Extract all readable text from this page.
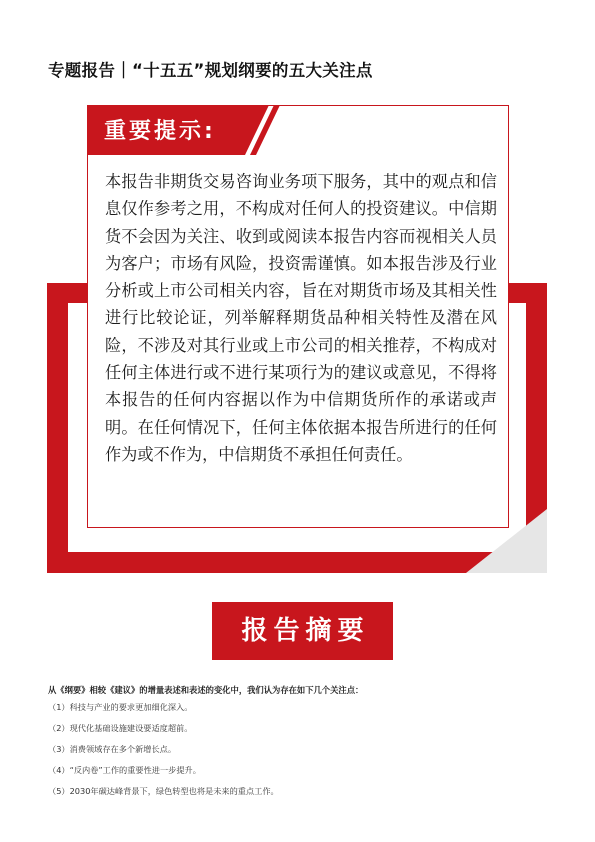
专题报告｜“十五五”规划纲要的五大关注点
重要提示:

本报告非期货交易咨询业务项下服务，其中的观点和信息仅作参考之用，不构成对任何人的投资建议。中信期货不会因为关注、收到或阅读本报告内容而视相关人员为客户；市场有风险，投资需谨慎。如本报告涉及行业分析或上市公司相关内容，旨在对期货市场及其相关性进行比较论证，列举解释期货品种相关特性及潜在风险，不涉及对其行业或上市公司的相关推荐，不构成对任何主体进行或不进行某项行为的建议或意见，不得将本报告的任何内容据以作为中信期货所作的承诺或声明。在任何情况下，任何主体依据本报告所进行的任何作为或不作为，中信期货不承担任何责任。

报告摘要
从《纲要》相较《建议》的增量表述和表述的变化中，我们认为存在如下几个关注点：
（1）科技与产业的要求更加细化深入。
（2）现代化基础设施建设要适度超前。
（3）消费领域存在多个新增长点。
（4）“反内卷”工作的重要性进一步提升。
（5）2030年碳达峰背景下，绿色转型也将是未来的重点工作。
